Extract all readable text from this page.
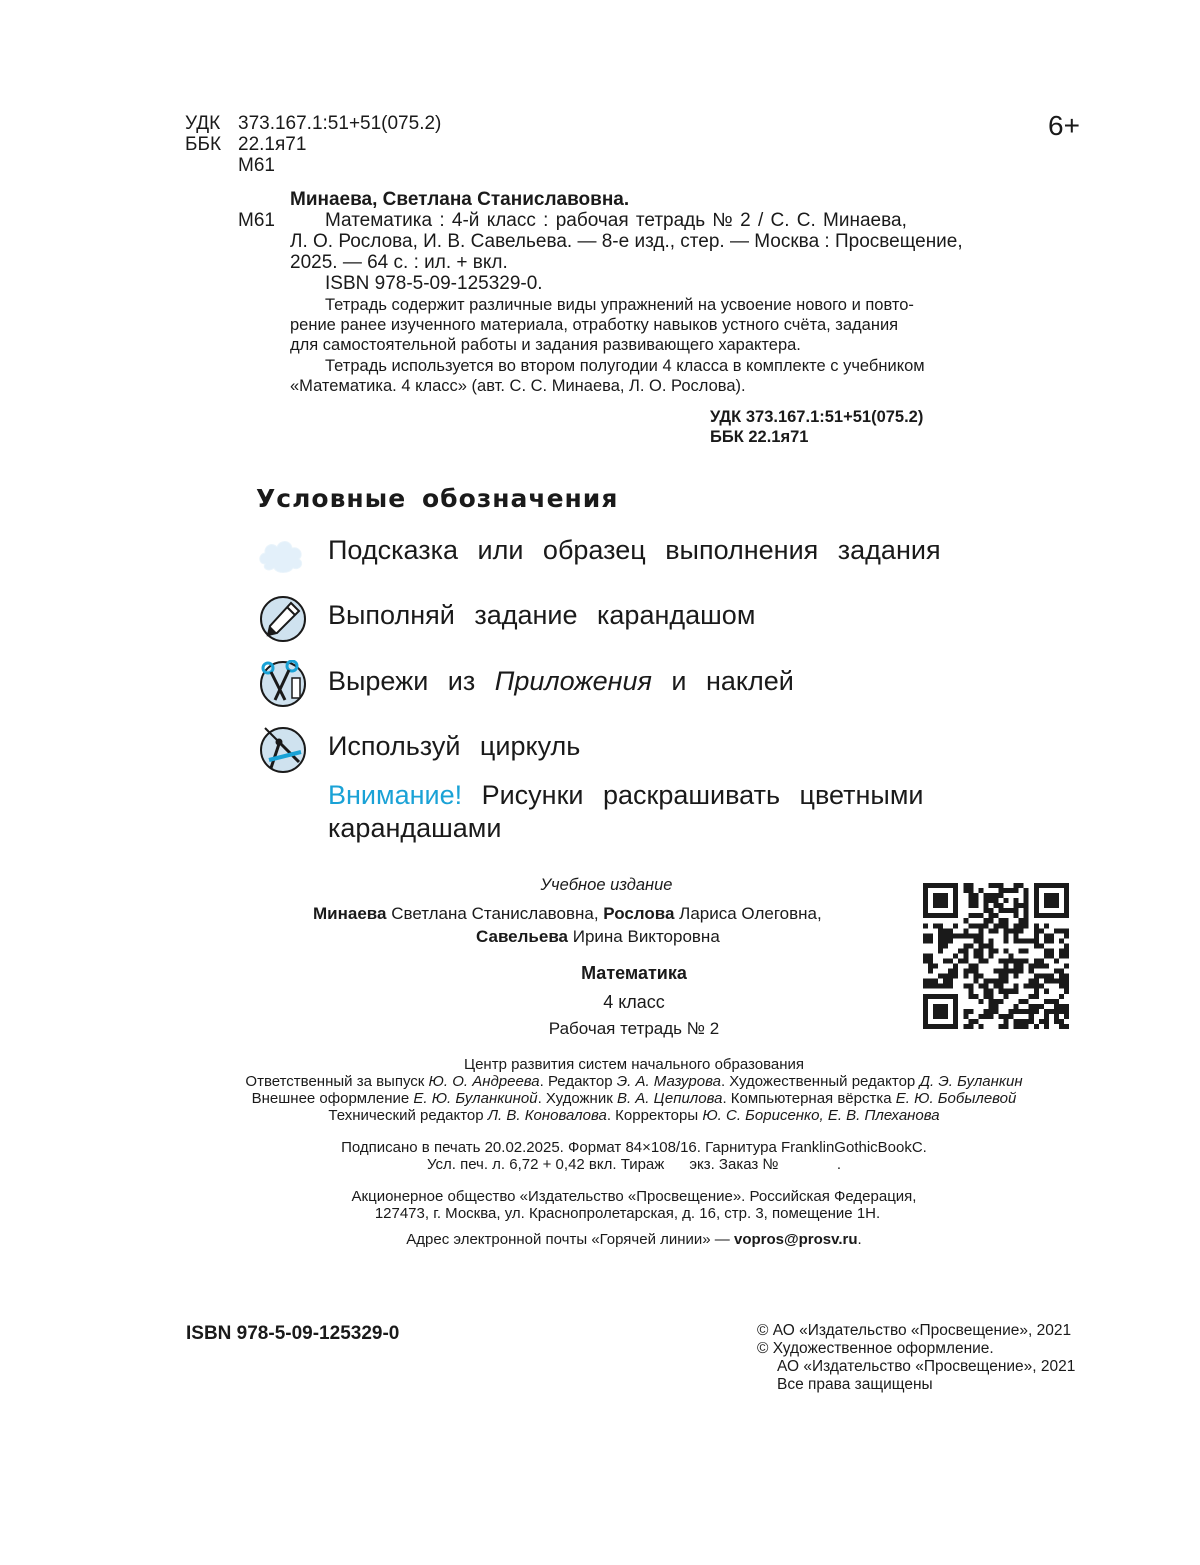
УДК 373.167.1:51+51(075.2)
ББК 22.1я71
М61
6+
Минаева, Светлана Станиславовна.
М61	Математика : 4-й класс : рабочая тетрадь № 2 / С. С. Минаева,
Л. О. Рослова, И. В. Савельева. — 8-е изд., стер. — Москва : Просвещение,
2025. — 64 с. : ил. + вкл.
ISBN 978-5-09-125329-0.
Тетрадь содержит различные виды упражнений на усвоение нового и повто-
рение ранее изученного материала, отработку навыков устного счёта, задания
для самостоятельной работы и задания развивающего характера.
Тетрадь используется во втором полугодии 4 класса в комплекте с учебником
«Математика. 4 класс» (авт. С. С. Минаева, Л. О. Рослова).
УДК 373.167.1:51+51(075.2)
ББК 22.1я71
Условные обозначения
Подсказка или образец выполнения задания
Выполняй задание карандашом
Вырежи из Приложения и наклей
Используй циркуль
Внимание! Рисунки раскрашивать цветными
карандашами
Учебное издание
Минаева Светлана Станиславовна, Рослова Лариса Олеговна,
Савельева Ирина Викторовна
Математика
4 класс
Рабочая тетрадь № 2
Центр развития систем начального образования
Ответственный за выпуск Ю. О. Андреева. Редактор Э. А. Мазурова. Художественный редактор Д. Э. Буланкин
Внешнее оформление Е. Ю. Буланкиной. Художник В. А. Цепилова. Компьютерная вёрстка Е. Ю. Бобылевой
Технический редактор Л. В. Коновалова. Корректоры Ю. С. Борисенко, Е. В. Плеханова
Подписано в печать 20.02.2025. Формат 84×108/16. Гарнитура FranklinGothicBookC.
Усл. печ. л. 6,72 + 0,42 вкл. Тираж      экз. Заказ №              .
Акционерное общество «Издательство «Просвещение». Российская Федерация,
127473, г. Москва, ул. Краснопролетарская, д. 16, стр. 3, помещение 1Н.
Адрес электронной почты «Горячей линии» — vopros@prosv.ru.
ISBN 978-5-09-125329-0	© АО «Издательство «Просвещение», 2021
© Художественное оформление.
АО «Издательство «Просвещение», 2021
Все права защищены
